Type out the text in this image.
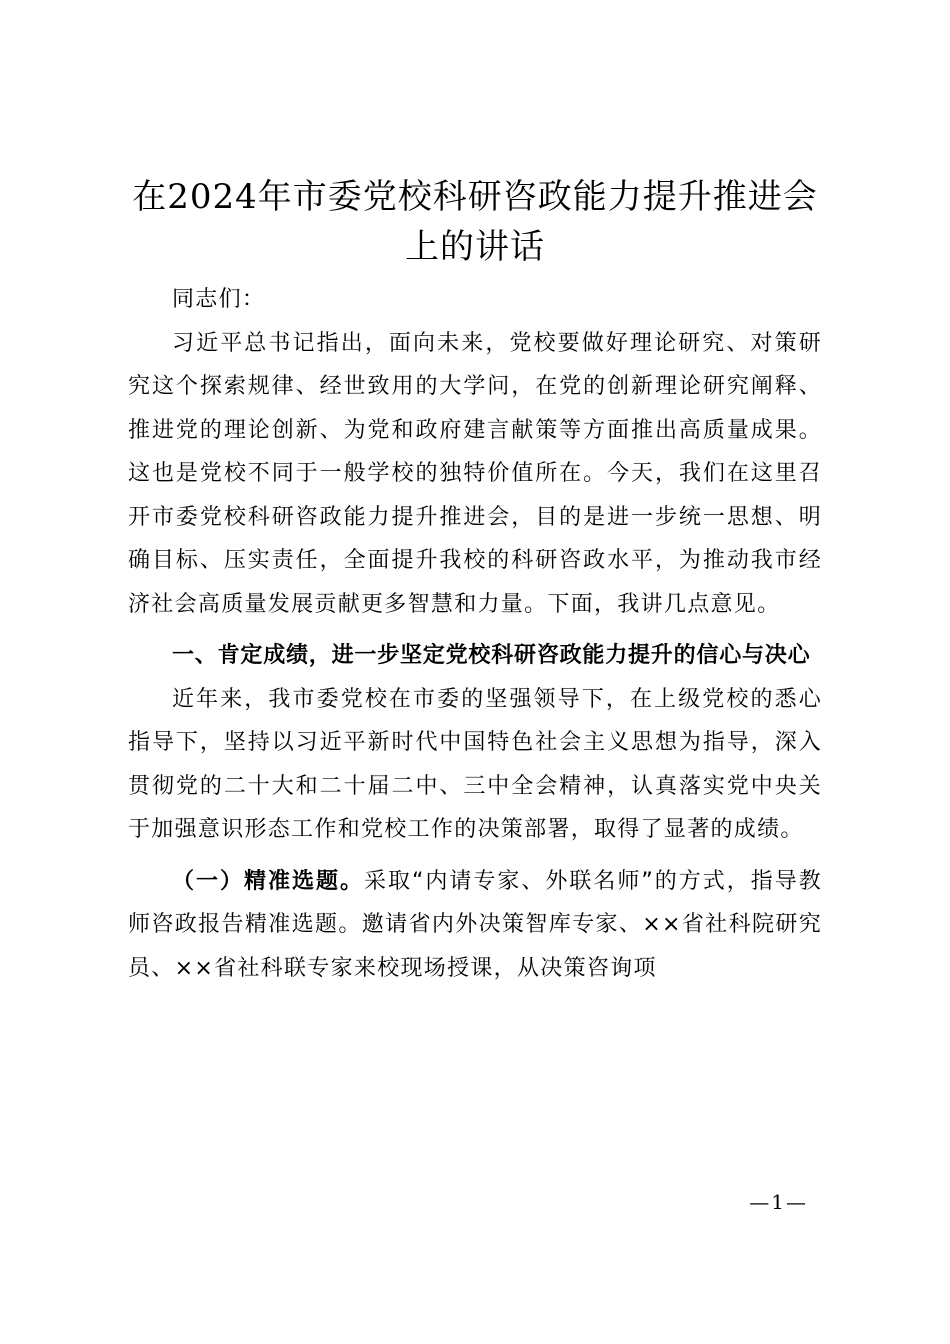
在2024年市委党校科研咨政能力提升推进会上的讲话

同志们：

习近平总书记指出，面向未来，党校要做好理论研究、对策研究这个探索规律、经世致用的大学问，在党的创新理论研究阐释、推进党的理论创新、为党和政府建言献策等方面推出高质量成果。这也是党校不同于一般学校的独特价值所在。今天，我们在这里召开市委党校科研咨政能力提升推进会，目的是进一步统一思想、明确目标、压实责任，全面提升我校的科研咨政水平，为推动我市经济社会高质量发展贡献更多智慧和力量。下面，我讲几点意见。

一、肯定成绩，进一步坚定党校科研咨政能力提升的信心与决心

近年来，我市委党校在市委的坚强领导下，在上级党校的悉心指导下，坚持以习近平新时代中国特色社会主义思想为指导，深入贯彻党的二十大和二十届二中、三中全会精神，认真落实党中央关于加强意识形态工作和党校工作的决策部署，取得了显著的成绩。

（一）精准选题。采取“内请专家、外联名师”的方式，指导教师咨政报告精准选题。邀请省内外决策智库专家、××省社科院研究员、××省社科联专家来校现场授课，从决策咨询项

—1—
